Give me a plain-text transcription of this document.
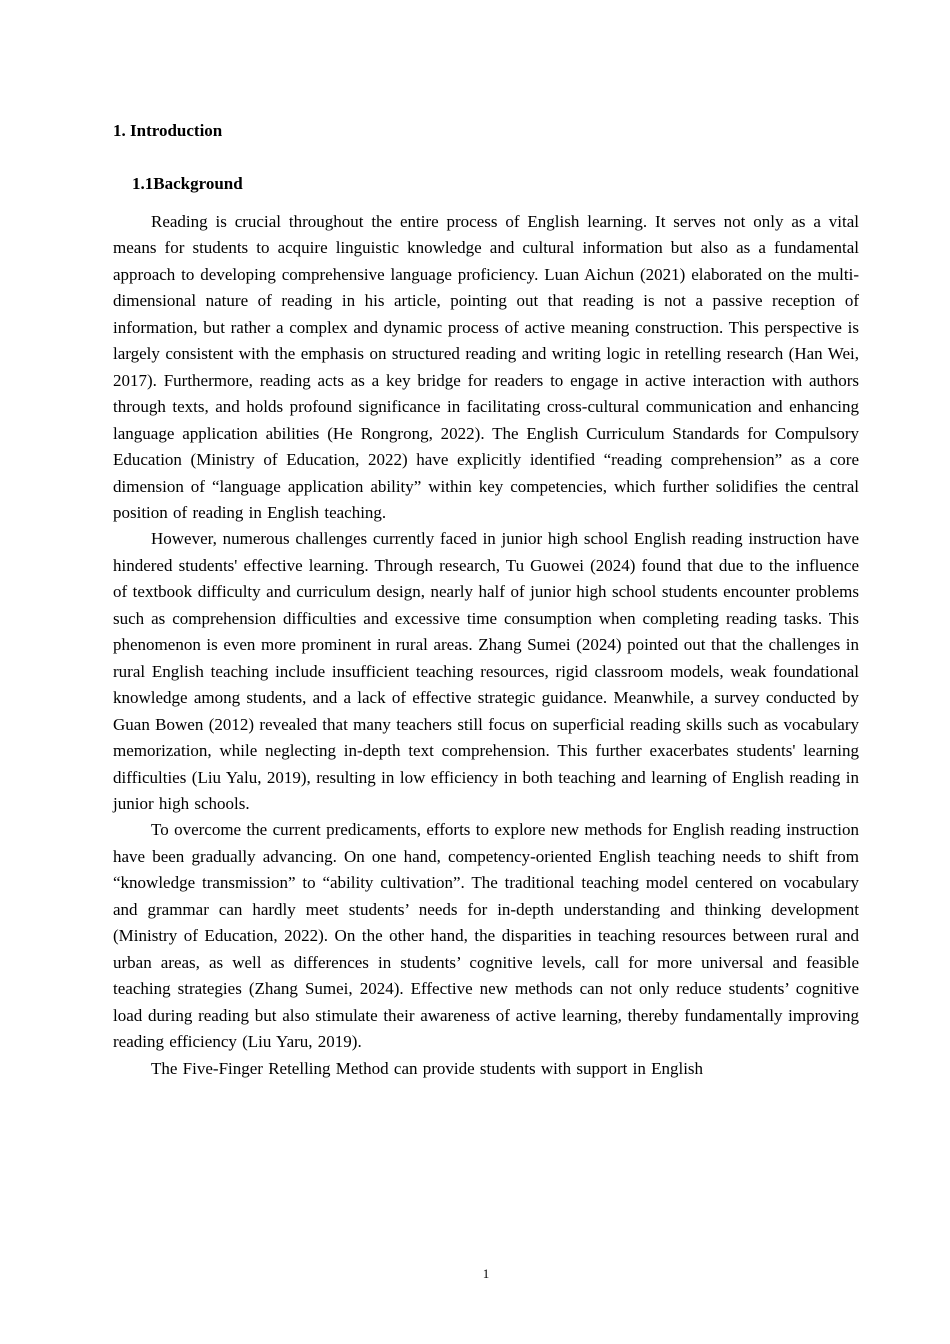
1. Introduction
1.1Background

Reading is crucial throughout the entire process of English learning. It serves not only as a vital means for students to acquire linguistic knowledge and cultural information but also as a fundamental approach to developing comprehensive language proficiency. Luan Aichun (2021) elaborated on the multi-dimensional nature of reading in his article, pointing out that reading is not a passive reception of information, but rather a complex and dynamic process of active meaning construction. This perspective is largely consistent with the emphasis on structured reading and writing logic in retelling research (Han Wei, 2017). Furthermore, reading acts as a key bridge for readers to engage in active interaction with authors through texts, and holds profound significance in facilitating cross-cultural communication and enhancing language application abilities (He Rongrong, 2022). The English Curriculum Standards for Compulsory Education (Ministry of Education, 2022) have explicitly identified “reading comprehension” as a core dimension of “language application ability” within key competencies, which further solidifies the central position of reading in English teaching.

However, numerous challenges currently faced in junior high school English reading instruction have hindered students' effective learning. Through research, Tu Guowei (2024) found that due to the influence of textbook difficulty and curriculum design, nearly half of junior high school students encounter problems such as comprehension difficulties and excessive time consumption when completing reading tasks. This phenomenon is even more prominent in rural areas. Zhang Sumei (2024) pointed out that the challenges in rural English teaching include insufficient teaching resources, rigid classroom models, weak foundational knowledge among students, and a lack of effective strategic guidance. Meanwhile, a survey conducted by Guan Bowen (2012) revealed that many teachers still focus on superficial reading skills such as vocabulary memorization, while neglecting in-depth text comprehension. This further exacerbates students' learning difficulties (Liu Yalu, 2019), resulting in low efficiency in both teaching and learning of English reading in junior high schools.

To overcome the current predicaments, efforts to explore new methods for English reading instruction have been gradually advancing. On one hand, competency-oriented English teaching needs to shift from “knowledge transmission” to “ability cultivation”. The traditional teaching model centered on vocabulary and grammar can hardly meet students’ needs for in-depth understanding and thinking development (Ministry of Education, 2022). On the other hand, the disparities in teaching resources between rural and urban areas, as well as differences in students’ cognitive levels, call for more universal and feasible teaching strategies (Zhang Sumei, 2024). Effective new methods can not only reduce students’ cognitive load during reading but also stimulate their awareness of active learning, thereby fundamentally improving reading efficiency (Liu Yaru, 2019).

The Five-Finger Retelling Method can provide students with support in English

1
